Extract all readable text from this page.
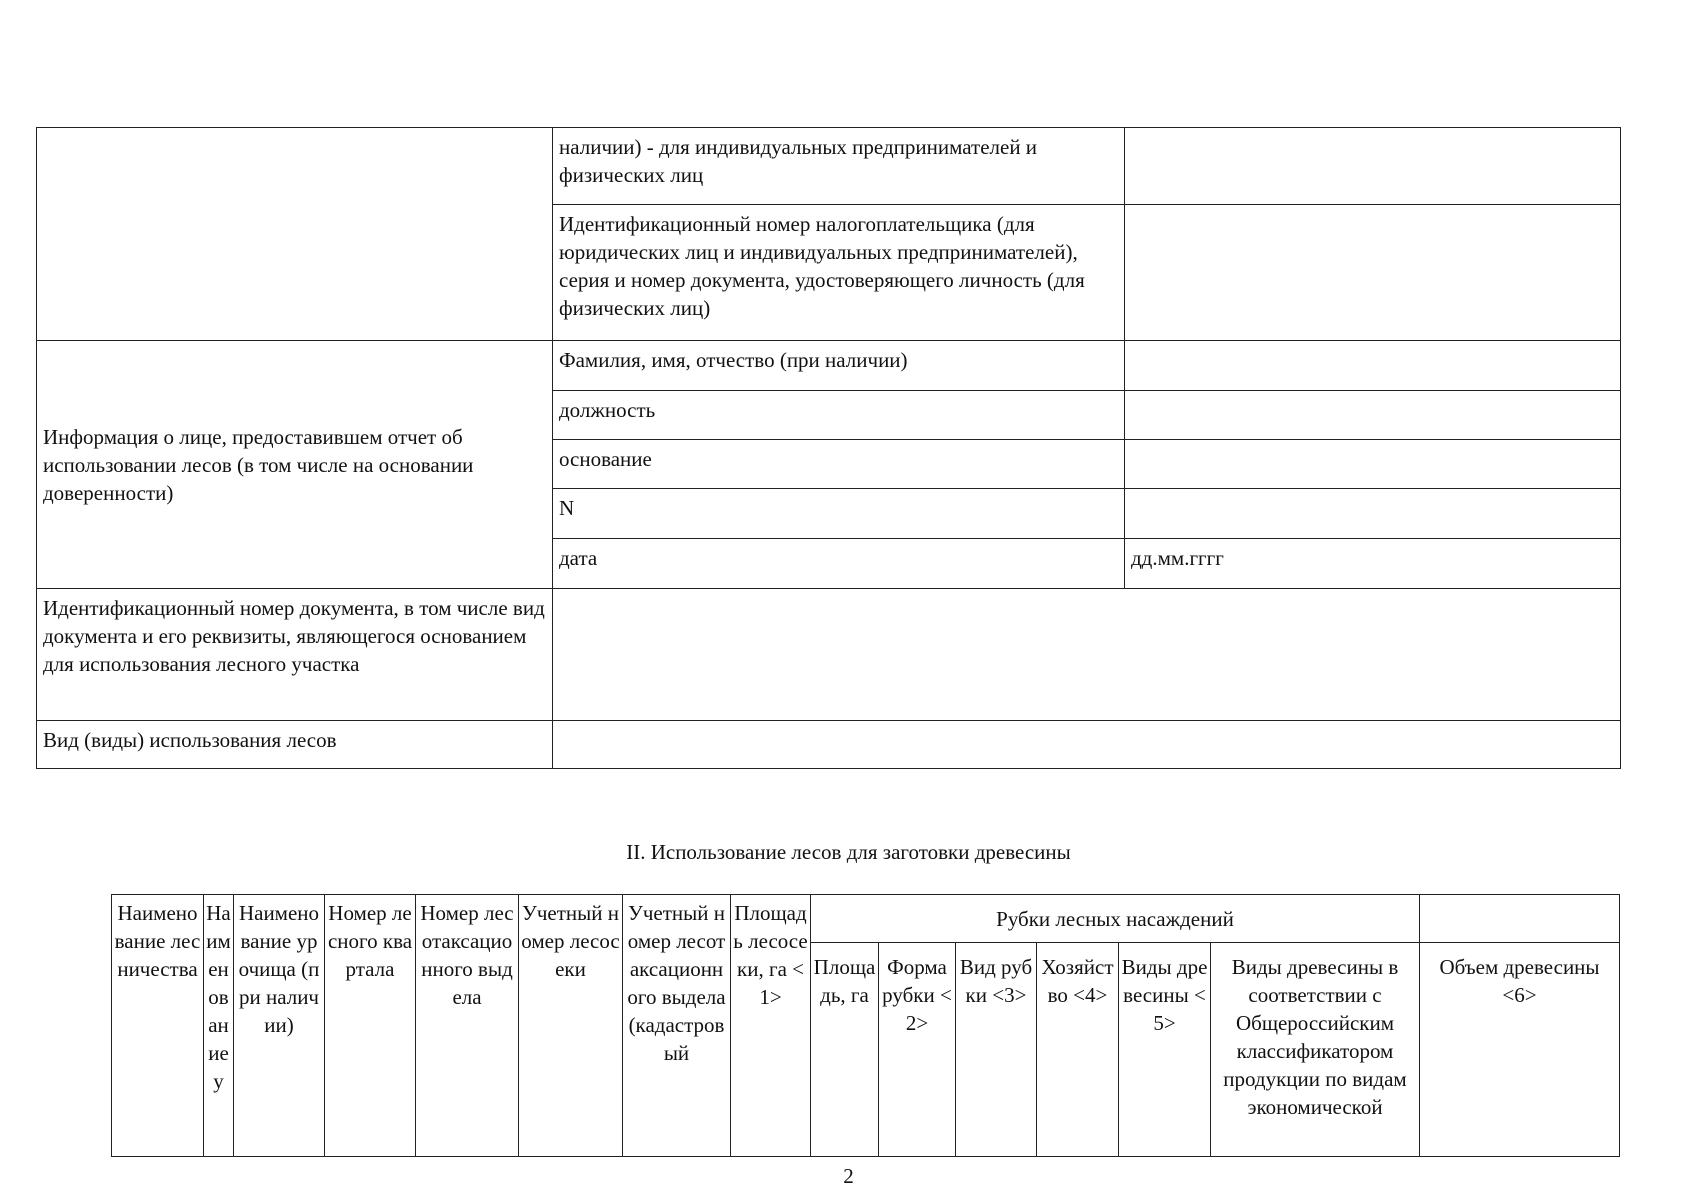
	наличии) - для индивидуальных предпринимателей и физических лиц	
	Идентификационный номер налогоплательщика (для юридических лиц и индивидуальных предпринимателей), серия и номер документа, удостоверяющего личность (для физических лиц)	
Информация о лице, предоставившем отчет об использовании лесов (в том числе на основании доверенности)	Фамилия, имя, отчество (при наличии)	
	должность	
	основание	
	N	
	дата	дд.мм.гггг
Идентификационный номер документа, в том числе вид документа и его реквизиты, являющегося основанием для использования лесного участка		
Вид (виды) использования лесов		
II. Использование лесов для заготовки древесины
Наименование лесничества	Наименование у	Наименование урочища (при наличии)	Номер лесного квартала	Номер лесотаксационного выдела	Учетный номер лесосеки	Учетный номер лесотаксационного выдела (кадастровый	Площадь лесосеки, га <1>	Рубки лесных насаждений						
								Площадь, га	Форма рубки <2>	Вид рубки <3>	Хозяйство <4>	Виды древесины <5>	Виды древесины в соответствии с Общероссийским классификатором продукции по видам экономической	Объем древесины <6>
2
